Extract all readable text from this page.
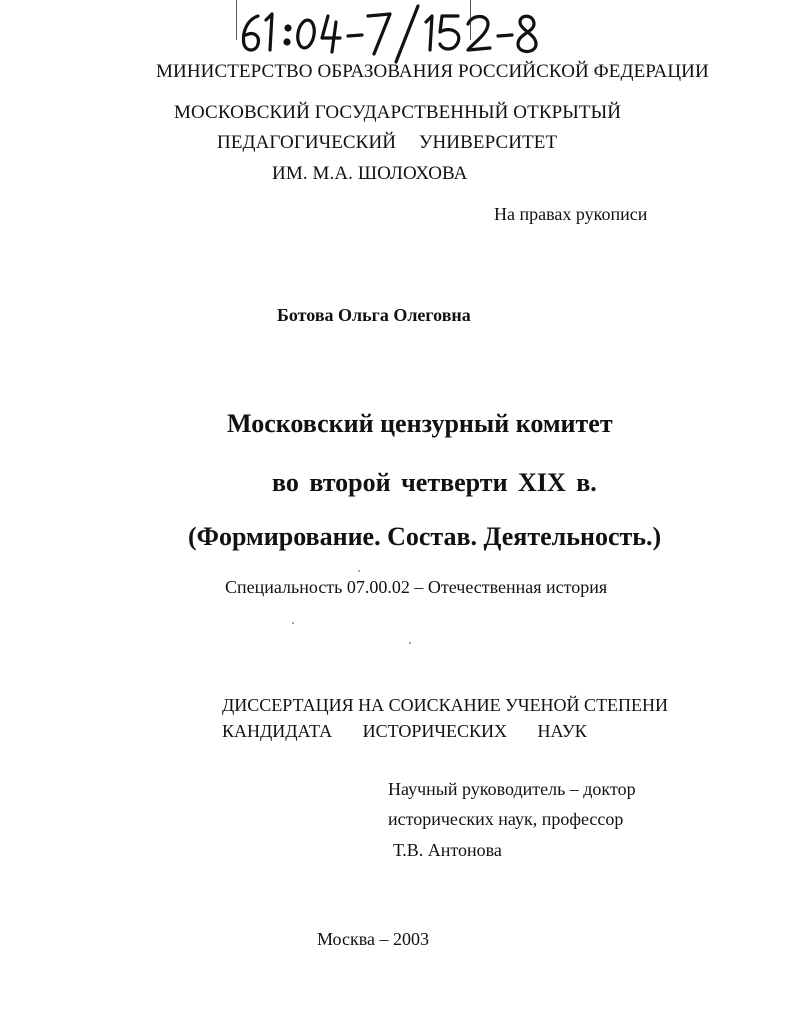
МИНИСТЕРСТВО ОБРАЗОВАНИЯ РОССИЙСКОЙ ФЕДЕРАЦИИ
МОСКОВСКИЙ ГОСУДАРСТВЕННЫЙ ОТКРЫТЫЙ
ПЕДАГОГИЧЕСКИЙ УНИВЕРСИТЕТ
ИМ. М.А. ШОЛОХОВА
На правах рукописи
Ботова Ольга Олеговна
Московский цензурный комитет
во второй четверти XIX в.
(Формирование. Состав. Деятельность.)
Специальность 07.00.02 – Отечественная история
ДИССЕРТАЦИЯ НА СОИСКАНИЕ УЧЕНОЙ СТЕПЕНИ
КАНДИДАТА ИСТОРИЧЕСКИХ НАУК
Научный руководитель – доктор
исторических наук, профессор
Т.В. Антонова
Москва – 2003
